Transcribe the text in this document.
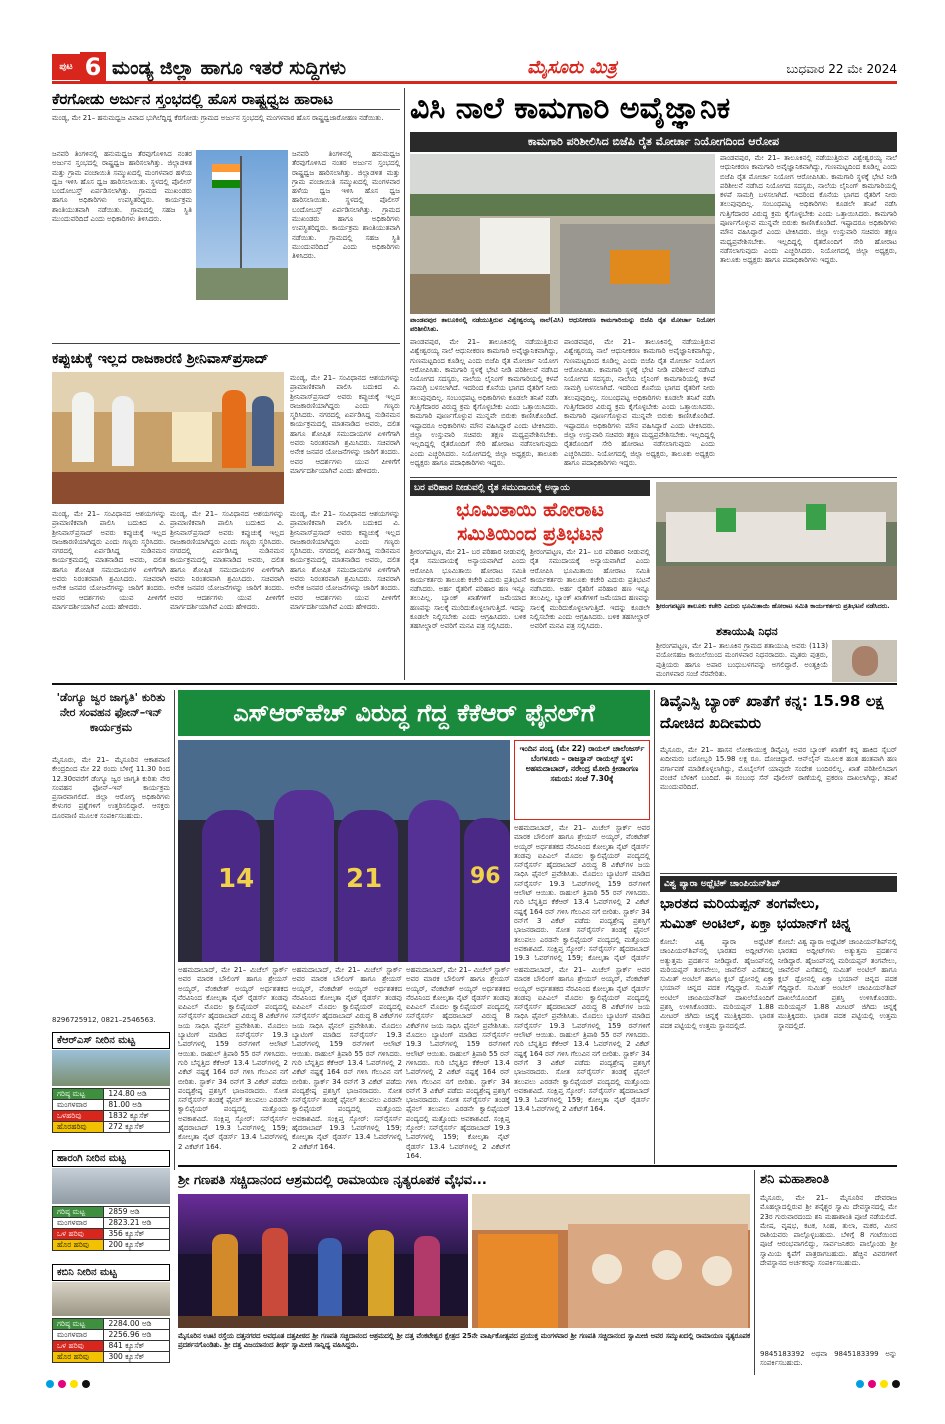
ಪುಟ 6 ಮಂಡ್ಯ ಜಿಲ್ಲಾ ಹಾಗೂ ಇತರೆ ಸುದ್ದಿಗಳು	ಮೈಸೂರು ಮಿತ್ರ	ಬುಧವಾರ 22 ಮೇ 2024
ಕೆರಗೋಡು ಅರ್ಜುನ ಸ್ತಂಭದಲ್ಲಿ ಹೊಸ ರಾಷ್ಟ್ರಧ್ವಜ ಹಾರಾಟ
ಮಂಡ್ಯ, ಮೇ 21– ಹನುಮಧ್ವಜ ವಿವಾದ ಭುಗಿಲೆದ್ದಿದ್ದ ಕೆರಗೋಡು ಗ್ರಾಮದ ಅರ್ಜುನ ಸ್ತಂಭದಲ್ಲಿ ಮಂಗಳವಾರ ಹೊಸ ರಾಷ್ಟ್ರಧ್ವಜಾರೋಹಣ ನಡೆಯಿತು.
ಜನವರಿ ತಿಂಗಳಿನಲ್ಲಿ ಹನುಮಧ್ವಜ ತೆರವುಗೊಳಿಸಿದ ನಂತರ ಅರ್ಜುನ ಸ್ತಂಭದಲ್ಲಿ ರಾಷ್ಟ್ರಧ್ವಜ ಹಾರಿಸಲಾಗಿತ್ತು. ಜಿಲ್ಲಾಡಳಿತ ಮತ್ತು ಗ್ರಾಮ ಪಂಚಾಯಿತಿ ಸಮ್ಮುಖದಲ್ಲಿ ಮಂಗಳವಾರ ಹಳೆಯ ಧ್ವಜ ಇಳಿಸಿ ಹೊಸ ಧ್ವಜ ಹಾರಿಸಲಾಯಿತು. ಸ್ಥಳದಲ್ಲಿ ಪೊಲೀಸ್ ಬಂದೋಬಸ್ತ್ ಏರ್ಪಡಿಸಲಾಗಿತ್ತು. ಗ್ರಾಮದ ಮುಖಂಡರು ಹಾಗೂ ಅಧಿಕಾರಿಗಳು ಉಪಸ್ಥಿತರಿದ್ದರು. ಕಾರ್ಯಕ್ರಮ ಶಾಂತಿಯುತವಾಗಿ ನಡೆಯಿತು. ಗ್ರಾಮದಲ್ಲಿ ಸಹಜ ಸ್ಥಿತಿ ಮುಂದುವರಿದಿದೆ ಎಂದು ಅಧಿಕಾರಿಗಳು ತಿಳಿಸಿದರು.
ಜನವರಿ ತಿಂಗಳಿನಲ್ಲಿ ಹನುಮಧ್ವಜ ತೆರವುಗೊಳಿಸಿದ ನಂತರ ಅರ್ಜುನ ಸ್ತಂಭದಲ್ಲಿ ರಾಷ್ಟ್ರಧ್ವಜ ಹಾರಿಸಲಾಗಿತ್ತು. ಜಿಲ್ಲಾಡಳಿತ ಮತ್ತು ಗ್ರಾಮ ಪಂಚಾಯಿತಿ ಸಮ್ಮುಖದಲ್ಲಿ ಮಂಗಳವಾರ ಹಳೆಯ ಧ್ವಜ ಇಳಿಸಿ ಹೊಸ ಧ್ವಜ ಹಾರಿಸಲಾಯಿತು. ಸ್ಥಳದಲ್ಲಿ ಪೊಲೀಸ್ ಬಂದೋಬಸ್ತ್ ಏರ್ಪಡಿಸಲಾಗಿತ್ತು. ಗ್ರಾಮದ ಮುಖಂಡರು ಹಾಗೂ ಅಧಿಕಾರಿಗಳು ಉಪಸ್ಥಿತರಿದ್ದರು. ಕಾರ್ಯಕ್ರಮ ಶಾಂತಿಯುತವಾಗಿ ನಡೆಯಿತು. ಗ್ರಾಮದಲ್ಲಿ ಸಹಜ ಸ್ಥಿತಿ ಮುಂದುವರಿದಿದೆ ಎಂದು ಅಧಿಕಾರಿಗಳು ತಿಳಿಸಿದರು.
ಕಪ್ಪುಚುಕ್ಕೆ ಇಲ್ಲದ ರಾಜಕಾರಣಿ ಶ್ರೀನಿವಾಸ್‌ಪ್ರಸಾದ್
ಮಂಡ್ಯ, ಮೇ 21– ಸಂವಿಧಾನದ ಆಶಯಗಳನ್ನು ಪ್ರಾಮಾಣಿಕವಾಗಿ ಪಾಲಿಸಿ ಬದುಕಿದ ವಿ. ಶ್ರೀನಿವಾಸ್‌ಪ್ರಸಾದ್ ಅವರು ಕಪ್ಪುಚುಕ್ಕೆ ಇಲ್ಲದ ರಾಜಕಾರಣಿಯಾಗಿದ್ದರು ಎಂದು ಗಣ್ಯರು ಸ್ಮರಿಸಿದರು. ನಗರದಲ್ಲಿ ಏರ್ಪಡಿಸಿದ್ದ ನುಡಿನಮನ ಕಾರ್ಯಕ್ರಮದಲ್ಲಿ ಮಾತನಾಡಿದ ಅವರು, ದಲಿತ ಹಾಗೂ ಶೋಷಿತ ಸಮುದಾಯಗಳ ಏಳಿಗೆಗಾಗಿ ಅವರು ನಿರಂತರವಾಗಿ ಶ್ರಮಿಸಿದರು. ಸಚಿವರಾಗಿ ಅನೇಕ ಜನಪರ ಯೋಜನೆಗಳನ್ನು ಜಾರಿಗೆ ತಂದರು. ಅವರ ಆದರ್ಶಗಳು ಯುವ ಪೀಳಿಗೆಗೆ ಮಾರ್ಗದರ್ಶಿಯಾಗಿವೆ ಎಂದು ಹೇಳಿದರು.
ಮಂಡ್ಯ, ಮೇ 21– ಸಂವಿಧಾನದ ಆಶಯಗಳನ್ನು ಪ್ರಾಮಾಣಿಕವಾಗಿ ಪಾಲಿಸಿ ಬದುಕಿದ ವಿ. ಶ್ರೀನಿವಾಸ್‌ಪ್ರಸಾದ್ ಅವರು ಕಪ್ಪುಚುಕ್ಕೆ ಇಲ್ಲದ ರಾಜಕಾರಣಿಯಾಗಿದ್ದರು ಎಂದು ಗಣ್ಯರು ಸ್ಮರಿಸಿದರು. ನಗರದಲ್ಲಿ ಏರ್ಪಡಿಸಿದ್ದ ನುಡಿನಮನ ಕಾರ್ಯಕ್ರಮದಲ್ಲಿ ಮಾತನಾಡಿದ ಅವರು, ದಲಿತ ಹಾಗೂ ಶೋಷಿತ ಸಮುದಾಯಗಳ ಏಳಿಗೆಗಾಗಿ ಅವರು ನಿರಂತರವಾಗಿ ಶ್ರಮಿಸಿದರು. ಸಚಿವರಾಗಿ ಅನೇಕ ಜನಪರ ಯೋಜನೆಗಳನ್ನು ಜಾರಿಗೆ ತಂದರು. ಅವರ ಆದರ್ಶಗಳು ಯುವ ಪೀಳಿಗೆಗೆ ಮಾರ್ಗದರ್ಶಿಯಾಗಿವೆ ಎಂದು ಹೇಳಿದರು.
ಮಂಡ್ಯ, ಮೇ 21– ಸಂವಿಧಾನದ ಆಶಯಗಳನ್ನು ಪ್ರಾಮಾಣಿಕವಾಗಿ ಪಾಲಿಸಿ ಬದುಕಿದ ವಿ. ಶ್ರೀನಿವಾಸ್‌ಪ್ರಸಾದ್ ಅವರು ಕಪ್ಪುಚುಕ್ಕೆ ಇಲ್ಲದ ರಾಜಕಾರಣಿಯಾಗಿದ್ದರು ಎಂದು ಗಣ್ಯರು ಸ್ಮರಿಸಿದರು. ನಗರದಲ್ಲಿ ಏರ್ಪಡಿಸಿದ್ದ ನುಡಿನಮನ ಕಾರ್ಯಕ್ರಮದಲ್ಲಿ ಮಾತನಾಡಿದ ಅವರು, ದಲಿತ ಹಾಗೂ ಶೋಷಿತ ಸಮುದಾಯಗಳ ಏಳಿಗೆಗಾಗಿ ಅವರು ನಿರಂತರವಾಗಿ ಶ್ರಮಿಸಿದರು. ಸಚಿವರಾಗಿ ಅನೇಕ ಜನಪರ ಯೋಜನೆಗಳನ್ನು ಜಾರಿಗೆ ತಂದರು. ಅವರ ಆದರ್ಶಗಳು ಯುವ ಪೀಳಿಗೆಗೆ ಮಾರ್ಗದರ್ಶಿಯಾಗಿವೆ ಎಂದು ಹೇಳಿದರು.
ಮಂಡ್ಯ, ಮೇ 21– ಸಂವಿಧಾನದ ಆಶಯಗಳನ್ನು ಪ್ರಾಮಾಣಿಕವಾಗಿ ಪಾಲಿಸಿ ಬದುಕಿದ ವಿ. ಶ್ರೀನಿವಾಸ್‌ಪ್ರಸಾದ್ ಅವರು ಕಪ್ಪುಚುಕ್ಕೆ ಇಲ್ಲದ ರಾಜಕಾರಣಿಯಾಗಿದ್ದರು ಎಂದು ಗಣ್ಯರು ಸ್ಮರಿಸಿದರು. ನಗರದಲ್ಲಿ ಏರ್ಪಡಿಸಿದ್ದ ನುಡಿನಮನ ಕಾರ್ಯಕ್ರಮದಲ್ಲಿ ಮಾತನಾಡಿದ ಅವರು, ದಲಿತ ಹಾಗೂ ಶೋಷಿತ ಸಮುದಾಯಗಳ ಏಳಿಗೆಗಾಗಿ ಅವರು ನಿರಂತರವಾಗಿ ಶ್ರಮಿಸಿದರು. ಸಚಿವರಾಗಿ ಅನೇಕ ಜನಪರ ಯೋಜನೆಗಳನ್ನು ಜಾರಿಗೆ ತಂದರು. ಅವರ ಆದರ್ಶಗಳು ಯುವ ಪೀಳಿಗೆಗೆ ಮಾರ್ಗದರ್ಶಿಯಾಗಿವೆ ಎಂದು ಹೇಳಿದರು.
ವಿಸಿ ನಾಲೆ ಕಾಮಗಾರಿ ಅವೈಜ್ಞಾನಿಕ
ಕಾಮಗಾರಿ ಪರಿಶೀಲಿಸಿದ ಬಿಜೆಪಿ ರೈತ ಮೋರ್ಚಾ ನಿಯೋಗದಿಂದ ಆರೋಪ
ಪಾಂಡವಪುರ ತಾಲೂಕಿನಲ್ಲಿ ನಡೆಯುತ್ತಿರುವ ವಿಶ್ವೇಶ್ವರಯ್ಯ ನಾಲೆ(ವಿಸಿ) ಆಧುನೀಕರಣ ಕಾಮಗಾರಿಯನ್ನು ಬಿಜೆಪಿ ರೈತ ಮೋರ್ಚಾ ನಿಯೋಗ ಪರಿಶೀಲಿಸಿತು.
ಪಾಂಡವಪುರ, ಮೇ 21– ತಾಲೂಕಿನಲ್ಲಿ ನಡೆಯುತ್ತಿರುವ ವಿಶ್ವೇಶ್ವರಯ್ಯ ನಾಲೆ ಆಧುನೀಕರಣ ಕಾಮಗಾರಿ ಅವೈಜ್ಞಾನಿಕವಾಗಿದ್ದು, ಗುಣಮಟ್ಟದಿಂದ ಕೂಡಿಲ್ಲ ಎಂದು ಬಿಜೆಪಿ ರೈತ ಮೋರ್ಚಾ ನಿಯೋಗ ಆರೋಪಿಸಿತು. ಕಾಮಗಾರಿ ಸ್ಥಳಕ್ಕೆ ಭೇಟಿ ನೀಡಿ ಪರಿಶೀಲನೆ ನಡೆಸಿದ ನಿಯೋಗದ ಸದಸ್ಯರು, ನಾಲೆಯ ಲೈನಿಂಗ್ ಕಾಮಗಾರಿಯಲ್ಲಿ ಕಳಪೆ ಸಾಮಗ್ರಿ ಬಳಸಲಾಗಿದೆ. ಇದರಿಂದ ಕೊನೆಯ ಭಾಗದ ರೈತರಿಗೆ ನೀರು ತಲುಪುವುದಿಲ್ಲ. ಸಂಬಂಧಪಟ್ಟ ಅಧಿಕಾರಿಗಳು ಕೂಡಲೇ ತನಿಖೆ ನಡೆಸಿ ಗುತ್ತಿಗೆದಾರರ ವಿರುದ್ಧ ಕ್ರಮ ಕೈಗೊಳ್ಳಬೇಕು ಎಂದು ಒತ್ತಾಯಿಸಿದರು. ಕಾಮಗಾರಿ ಪೂರ್ಣಗೊಳ್ಳುವ ಮುನ್ನವೇ ಬಿರುಕು ಕಾಣಿಸಿಕೊಂಡಿದೆ. ಇಷ್ಟಾದರೂ ಅಧಿಕಾರಿಗಳು ಮೌನ ವಹಿಸಿದ್ದಾರೆ ಎಂದು ಟೀಕಿಸಿದರು. ಜಿಲ್ಲಾ ಉಸ್ತುವಾರಿ ಸಚಿವರು ತಕ್ಷಣ ಮಧ್ಯಪ್ರವೇಶಿಸಬೇಕು. ಇಲ್ಲದಿದ್ದಲ್ಲಿ ರೈತರೊಂದಿಗೆ ಸೇರಿ ಹೋರಾಟ ನಡೆಸಲಾಗುವುದು ಎಂದು ಎಚ್ಚರಿಸಿದರು. ನಿಯೋಗದಲ್ಲಿ ಜಿಲ್ಲಾ ಅಧ್ಯಕ್ಷರು, ತಾಲೂಕು ಅಧ್ಯಕ್ಷರು ಹಾಗೂ ಪದಾಧಿಕಾರಿಗಳು ಇದ್ದರು.
ಪಾಂಡವಪುರ, ಮೇ 21– ತಾಲೂಕಿನಲ್ಲಿ ನಡೆಯುತ್ತಿರುವ ವಿಶ್ವೇಶ್ವರಯ್ಯ ನಾಲೆ ಆಧುನೀಕರಣ ಕಾಮಗಾರಿ ಅವೈಜ್ಞಾನಿಕವಾಗಿದ್ದು, ಗುಣಮಟ್ಟದಿಂದ ಕೂಡಿಲ್ಲ ಎಂದು ಬಿಜೆಪಿ ರೈತ ಮೋರ್ಚಾ ನಿಯೋಗ ಆರೋಪಿಸಿತು. ಕಾಮಗಾರಿ ಸ್ಥಳಕ್ಕೆ ಭೇಟಿ ನೀಡಿ ಪರಿಶೀಲನೆ ನಡೆಸಿದ ನಿಯೋಗದ ಸದಸ್ಯರು, ನಾಲೆಯ ಲೈನಿಂಗ್ ಕಾಮಗಾರಿಯಲ್ಲಿ ಕಳಪೆ ಸಾಮಗ್ರಿ ಬಳಸಲಾಗಿದೆ. ಇದರಿಂದ ಕೊನೆಯ ಭಾಗದ ರೈತರಿಗೆ ನೀರು ತಲುಪುವುದಿಲ್ಲ. ಸಂಬಂಧಪಟ್ಟ ಅಧಿಕಾರಿಗಳು ಕೂಡಲೇ ತನಿಖೆ ನಡೆಸಿ ಗುತ್ತಿಗೆದಾರರ ವಿರುದ್ಧ ಕ್ರಮ ಕೈಗೊಳ್ಳಬೇಕು ಎಂದು ಒತ್ತಾಯಿಸಿದರು. ಕಾಮಗಾರಿ ಪೂರ್ಣಗೊಳ್ಳುವ ಮುನ್ನವೇ ಬಿರುಕು ಕಾಣಿಸಿಕೊಂಡಿದೆ. ಇಷ್ಟಾದರೂ ಅಧಿಕಾರಿಗಳು ಮೌನ ವಹಿಸಿದ್ದಾರೆ ಎಂದು ಟೀಕಿಸಿದರು. ಜಿಲ್ಲಾ ಉಸ್ತುವಾರಿ ಸಚಿವರು ತಕ್ಷಣ ಮಧ್ಯಪ್ರವೇಶಿಸಬೇಕು. ಇಲ್ಲದಿದ್ದಲ್ಲಿ ರೈತರೊಂದಿಗೆ ಸೇರಿ ಹೋರಾಟ ನಡೆಸಲಾಗುವುದು ಎಂದು ಎಚ್ಚರಿಸಿದರು. ನಿಯೋಗದಲ್ಲಿ ಜಿಲ್ಲಾ ಅಧ್ಯಕ್ಷರು, ತಾಲೂಕು ಅಧ್ಯಕ್ಷರು ಹಾಗೂ ಪದಾಧಿಕಾರಿಗಳು ಇದ್ದರು.
ಪಾಂಡವಪುರ, ಮೇ 21– ತಾಲೂಕಿನಲ್ಲಿ ನಡೆಯುತ್ತಿರುವ ವಿಶ್ವೇಶ್ವರಯ್ಯ ನಾಲೆ ಆಧುನೀಕರಣ ಕಾಮಗಾರಿ ಅವೈಜ್ಞಾನಿಕವಾಗಿದ್ದು, ಗುಣಮಟ್ಟದಿಂದ ಕೂಡಿಲ್ಲ ಎಂದು ಬಿಜೆಪಿ ರೈತ ಮೋರ್ಚಾ ನಿಯೋಗ ಆರೋಪಿಸಿತು. ಕಾಮಗಾರಿ ಸ್ಥಳಕ್ಕೆ ಭೇಟಿ ನೀಡಿ ಪರಿಶೀಲನೆ ನಡೆಸಿದ ನಿಯೋಗದ ಸದಸ್ಯರು, ನಾಲೆಯ ಲೈನಿಂಗ್ ಕಾಮಗಾರಿಯಲ್ಲಿ ಕಳಪೆ ಸಾಮಗ್ರಿ ಬಳಸಲಾಗಿದೆ. ಇದರಿಂದ ಕೊನೆಯ ಭಾಗದ ರೈತರಿಗೆ ನೀರು ತಲುಪುವುದಿಲ್ಲ. ಸಂಬಂಧಪಟ್ಟ ಅಧಿಕಾರಿಗಳು ಕೂಡಲೇ ತನಿಖೆ ನಡೆಸಿ ಗುತ್ತಿಗೆದಾರರ ವಿರುದ್ಧ ಕ್ರಮ ಕೈಗೊಳ್ಳಬೇಕು ಎಂದು ಒತ್ತಾಯಿಸಿದರು. ಕಾಮಗಾರಿ ಪೂರ್ಣಗೊಳ್ಳುವ ಮುನ್ನವೇ ಬಿರುಕು ಕಾಣಿಸಿಕೊಂಡಿದೆ. ಇಷ್ಟಾದರೂ ಅಧಿಕಾರಿಗಳು ಮೌನ ವಹಿಸಿದ್ದಾರೆ ಎಂದು ಟೀಕಿಸಿದರು. ಜಿಲ್ಲಾ ಉಸ್ತುವಾರಿ ಸಚಿವರು ತಕ್ಷಣ ಮಧ್ಯಪ್ರವೇಶಿಸಬೇಕು. ಇಲ್ಲದಿದ್ದಲ್ಲಿ ರೈತರೊಂದಿಗೆ ಸೇರಿ ಹೋರಾಟ ನಡೆಸಲಾಗುವುದು ಎಂದು ಎಚ್ಚರಿಸಿದರು. ನಿಯೋಗದಲ್ಲಿ ಜಿಲ್ಲಾ ಅಧ್ಯಕ್ಷರು, ತಾಲೂಕು ಅಧ್ಯಕ್ಷರು ಹಾಗೂ ಪದಾಧಿಕಾರಿಗಳು ಇದ್ದರು.
ಬರ ಪರಿಹಾರ ನೀಡುವಲ್ಲಿ ರೈತ ಸಮುದಾಯಕ್ಕೆ ಅನ್ಯಾಯ
ಭೂಮಿತಾಯಿ ಹೋರಾಟ
ಸಮಿತಿಯಿಂದ ಪ್ರತಿಭಟನೆ
ಶ್ರೀರಂಗಪಟ್ಟಣ, ಮೇ 21– ಬರ ಪರಿಹಾರ ನೀಡುವಲ್ಲಿ ರೈತ ಸಮುದಾಯಕ್ಕೆ ಅನ್ಯಾಯವಾಗಿದೆ ಎಂದು ಆರೋಪಿಸಿ ಭೂಮಿತಾಯಿ ಹೋರಾಟ ಸಮಿತಿ ಕಾರ್ಯಕರ್ತರು ತಾಲೂಕು ಕಚೇರಿ ಎದುರು ಪ್ರತಿಭಟನೆ ನಡೆಸಿದರು. ಅರ್ಹ ರೈತರಿಗೆ ಪರಿಹಾರ ಹಣ ಇನ್ನೂ ತಲುಪಿಲ್ಲ. ಬ್ಯಾಂಕ್ ಖಾತೆಗಳಿಗೆ ಜಮೆಯಾದ ಹಣವನ್ನು ಸಾಲಕ್ಕೆ ಮುರಿದುಕೊಳ್ಳಲಾಗುತ್ತಿದೆ. ಇದನ್ನು ಕೂಡಲೇ ನಿಲ್ಲಿಸಬೇಕು ಎಂದು ಆಗ್ರಹಿಸಿದರು. ಬಳಿಕ ತಹಸೀಲ್ದಾರ್ ಅವರಿಗೆ ಮನವಿ ಪತ್ರ ಸಲ್ಲಿಸಿದರು.
ಶ್ರೀರಂಗಪಟ್ಟಣ, ಮೇ 21– ಬರ ಪರಿಹಾರ ನೀಡುವಲ್ಲಿ ರೈತ ಸಮುದಾಯಕ್ಕೆ ಅನ್ಯಾಯವಾಗಿದೆ ಎಂದು ಆರೋಪಿಸಿ ಭೂಮಿತಾಯಿ ಹೋರಾಟ ಸಮಿತಿ ಕಾರ್ಯಕರ್ತರು ತಾಲೂಕು ಕಚೇರಿ ಎದುರು ಪ್ರತಿಭಟನೆ ನಡೆಸಿದರು. ಅರ್ಹ ರೈತರಿಗೆ ಪರಿಹಾರ ಹಣ ಇನ್ನೂ ತಲುಪಿಲ್ಲ. ಬ್ಯಾಂಕ್ ಖಾತೆಗಳಿಗೆ ಜಮೆಯಾದ ಹಣವನ್ನು ಸಾಲಕ್ಕೆ ಮುರಿದುಕೊಳ್ಳಲಾಗುತ್ತಿದೆ. ಇದನ್ನು ಕೂಡಲೇ ನಿಲ್ಲಿಸಬೇಕು ಎಂದು ಆಗ್ರಹಿಸಿದರು. ಬಳಿಕ ತಹಸೀಲ್ದಾರ್ ಅವರಿಗೆ ಮನವಿ ಪತ್ರ ಸಲ್ಲಿಸಿದರು.
ಶ್ರೀರಂಗಪಟ್ಟಣ ತಾಲೂಕು ಕಚೇರಿ ಎದುರು ಭೂಮಿತಾಯಿ ಹೋರಾಟ ಸಮಿತಿ ಕಾರ್ಯಕರ್ತರು ಪ್ರತಿಭಟನೆ ನಡೆಸಿದರು.
ಶತಾಯುಷಿ ನಿಧನ
ಶ್ರೀರಂಗಪಟ್ಟಣ, ಮೇ 21– ತಾಲೂಕಿನ ಗ್ರಾಮದ ಶತಾಯುಷಿ ಅವರು (113) ವಯೋಸಹಜ ಕಾಯಿಲೆಯಿಂದ ಮಂಗಳವಾರ ನಿಧನರಾದರು. ಮೃತರು ಪುತ್ರರು, ಪುತ್ರಿಯರು ಹಾಗೂ ಅಪಾರ ಬಂಧುಬಳಗವನ್ನು ಅಗಲಿದ್ದಾರೆ. ಅಂತ್ಯಕ್ರಿಯೆ ಮಂಗಳವಾರ ಸಂಜೆ ನೆರವೇರಿತು.
'ಡೆಂಗ್ಯೂ ಜ್ವರ ಜಾಗೃತಿ' ಕುರಿತು ನೇರ ಸಂವಹನ ಫೋನ್–ಇನ್ ಕಾರ್ಯಕ್ರಮ
ಮೈಸೂರು, ಮೇ 21– ಮೈಸೂರಿನ ಆಕಾಶವಾಣಿ ಕೇಂದ್ರದಿಂದ ಮೇ 22 ರಂದು ಬೆಳಿಗ್ಗೆ 11.30 ರಿಂದ 12.30ರವರೆಗೆ ಡೆಂಗ್ಯೂ ಜ್ವರ ಜಾಗೃತಿ ಕುರಿತು ನೇರ ಸಂವಹನ ಫೋನ್–ಇನ್ ಕಾರ್ಯಕ್ರಮ ಪ್ರಸಾರವಾಗಲಿದೆ. ಜಿಲ್ಲಾ ಆರೋಗ್ಯ ಅಧಿಕಾರಿಗಳು ಕೇಳುಗರ ಪ್ರಶ್ನೆಗಳಿಗೆ ಉತ್ತರಿಸಲಿದ್ದಾರೆ. ಆಸಕ್ತರು ದೂರವಾಣಿ ಮೂಲಕ ಸಂಪರ್ಕಿಸಬಹುದು.
8296725912, 0821–2546563.
ಕೆಆರ್‌ಎಸ್ ನೀರಿನ ಮಟ್ಟ
ಗರಿಷ್ಠ ಮಟ್ಟ	124.80 ಅಡಿ
ಮಂಗಳವಾರ	81.00 ಅಡಿ
ಒಳಹರಿವು	1832 ಕ್ಯೂಸೆಕ್
ಹೊರಹರಿವು	272 ಕ್ಯೂಸೆಕ್
ಹಾರಂಗಿ ನೀರಿನ ಮಟ್ಟ
ಗರಿಷ್ಠ ಮಟ್ಟ	2859 ಅಡಿ
ಮಂಗಳವಾರ	2823.21 ಅಡಿ
ಒಳ ಹರಿವು	356 ಕ್ಯೂಸೆಕ್
ಹೊರ ಹರಿವು	200 ಕ್ಯೂಸೆಕ್
ಕಬಿನಿ ನೀರಿನ ಮಟ್ಟ
ಗರಿಷ್ಠ ಮಟ್ಟ	2284.00 ಅಡಿ
ಮಂಗಳವಾರ	2256.96 ಅಡಿ
ಒಳ ಹರಿವು	841 ಕ್ಯೂಸೆಕ್
ಹೊರ ಹರಿವು	300 ಕ್ಯೂಸೆಕ್
ಎಸ್‌ಆರ್‌ಹೆಚ್ ವಿರುದ್ಧ ಗೆದ್ದ ಕೆಕೆಆರ್ ಫೈನಲ್‌ಗೆ
14	21	96
ಇಂದಿನ ಪಂದ್ಯ (ಮೇ 22) ರಾಯಲ್ ಚಾಲೆಂಜರ್ಸ್ ಬೆಂಗಳೂರು – ರಾಜಸ್ಥಾನ್ ರಾಯಲ್ಸ್ ಸ್ಥಳ: ಅಹಮದಾಬಾದ್, ನರೇಂದ್ರ ಮೋದಿ ಕ್ರೀಡಾಂಗಣ ಸಮಯ: ಸಂಜೆ 7.30ಕ್ಕೆ
ಅಹಮದಾಬಾದ್, ಮೇ 21– ಮಿಚೆಲ್ ಸ್ಟಾರ್ಕ್ ಅವರ ಮಾರಕ ಬೌಲಿಂಗ್ ಹಾಗೂ ಶ್ರೇಯಸ್ ಅಯ್ಯರ್, ವೆಂಕಟೇಶ್ ಅಯ್ಯರ್ ಅರ್ಧಶತಕದ ನೆರವಿನಿಂದ ಕೋಲ್ಕತಾ ನೈಟ್ ರೈಡರ್ಸ್ ತಂಡವು ಐಪಿಎಲ್ ಮೊದಲ ಕ್ವಾಲಿಫೈಯರ್ ಪಂದ್ಯದಲ್ಲಿ ಸನ್‌ರೈಸರ್ಸ್ ಹೈದರಾಬಾದ್ ವಿರುದ್ಧ 8 ವಿಕೆಟ್‌ಗಳ ಜಯ ಸಾಧಿಸಿ ಫೈನಲ್ ಪ್ರವೇಶಿಸಿತು. ಮೊದಲು ಬ್ಯಾಟಿಂಗ್ ಮಾಡಿದ ಸನ್‌ರೈಸರ್ಸ್ 19.3 ಓವರ್‌ಗಳಲ್ಲಿ 159 ರನ್‌ಗಳಿಗೆ ಆಲೌಟ್ ಆಯಿತು. ರಾಹುಲ್ ತ್ರಿಪಾಠಿ 55 ರನ್ ಗಳಿಸಿದರು. ಗುರಿ ಬೆನ್ನತ್ತಿದ ಕೆಕೆಆರ್ 13.4 ಓವರ್‌ಗಳಲ್ಲಿ 2 ವಿಕೆಟ್ ನಷ್ಟಕ್ಕೆ 164 ರನ್ ಗಳಿಸಿ ಗೆಲುವಿನ ನಗೆ ಬೀರಿತು. ಸ್ಟಾರ್ಕ್ 34 ರನ್‌ಗೆ 3 ವಿಕೆಟ್ ಪಡೆದು ಪಂದ್ಯಶ್ರೇಷ್ಠ ಪ್ರಶಸ್ತಿಗೆ ಭಾಜನರಾದರು. ಸೋತ ಸನ್‌ರೈಸರ್ಸ್ ತಂಡಕ್ಕೆ ಫೈನಲ್ ತಲುಪಲು ಎರಡನೇ ಕ್ವಾಲಿಫೈಯರ್ ಪಂದ್ಯದಲ್ಲಿ ಮತ್ತೊಂದು ಅವಕಾಶವಿದೆ. ಸಂಕ್ಷಿಪ್ತ ಸ್ಕೋರ್: ಸನ್‌ರೈಸರ್ಸ್ ಹೈದರಾಬಾದ್ 19.3 ಓವರ್‌ಗಳಲ್ಲಿ 159; ಕೋಲ್ಕತಾ ನೈಟ್ ರೈಡರ್ಸ್
ಅಹಮದಾಬಾದ್, ಮೇ 21– ಮಿಚೆಲ್ ಸ್ಟಾರ್ಕ್ ಅವರ ಮಾರಕ ಬೌಲಿಂಗ್ ಹಾಗೂ ಶ್ರೇಯಸ್ ಅಯ್ಯರ್, ವೆಂಕಟೇಶ್ ಅಯ್ಯರ್ ಅರ್ಧಶತಕದ ನೆರವಿನಿಂದ ಕೋಲ್ಕತಾ ನೈಟ್ ರೈಡರ್ಸ್ ತಂಡವು ಐಪಿಎಲ್ ಮೊದಲ ಕ್ವಾಲಿಫೈಯರ್ ಪಂದ್ಯದಲ್ಲಿ ಸನ್‌ರೈಸರ್ಸ್ ಹೈದರಾಬಾದ್ ವಿರುದ್ಧ 8 ವಿಕೆಟ್‌ಗಳ ಜಯ ಸಾಧಿಸಿ ಫೈನಲ್ ಪ್ರವೇಶಿಸಿತು. ಮೊದಲು ಬ್ಯಾಟಿಂಗ್ ಮಾಡಿದ ಸನ್‌ರೈಸರ್ಸ್ 19.3 ಓವರ್‌ಗಳಲ್ಲಿ 159 ರನ್‌ಗಳಿಗೆ ಆಲೌಟ್ ಆಯಿತು. ರಾಹುಲ್ ತ್ರಿಪಾಠಿ 55 ರನ್ ಗಳಿಸಿದರು. ಗುರಿ ಬೆನ್ನತ್ತಿದ ಕೆಕೆಆರ್ 13.4 ಓವರ್‌ಗಳಲ್ಲಿ 2 ವಿಕೆಟ್ ನಷ್ಟಕ್ಕೆ 164 ರನ್ ಗಳಿಸಿ ಗೆಲುವಿನ ನಗೆ ಬೀರಿತು. ಸ್ಟಾರ್ಕ್ 34 ರನ್‌ಗೆ 3 ವಿಕೆಟ್ ಪಡೆದು ಪಂದ್ಯಶ್ರೇಷ್ಠ ಪ್ರಶಸ್ತಿಗೆ ಭಾಜನರಾದರು. ಸೋತ ಸನ್‌ರೈಸರ್ಸ್ ತಂಡಕ್ಕೆ ಫೈನಲ್ ತಲುಪಲು ಎರಡನೇ ಕ್ವಾಲಿಫೈಯರ್ ಪಂದ್ಯದಲ್ಲಿ ಮತ್ತೊಂದು ಅವಕಾಶವಿದೆ. ಸಂಕ್ಷಿಪ್ತ ಸ್ಕೋರ್: ಸನ್‌ರೈಸರ್ಸ್ ಹೈದರಾಬಾದ್ 19.3 ಓವರ್‌ಗಳಲ್ಲಿ 159; ಕೋಲ್ಕತಾ ನೈಟ್ ರೈಡರ್ಸ್ 13.4 ಓವರ್‌ಗಳಲ್ಲಿ 2 ವಿಕೆಟ್‌ಗೆ 164.
ಅಹಮದಾಬಾದ್, ಮೇ 21– ಮಿಚೆಲ್ ಸ್ಟಾರ್ಕ್ ಅವರ ಮಾರಕ ಬೌಲಿಂಗ್ ಹಾಗೂ ಶ್ರೇಯಸ್ ಅಯ್ಯರ್, ವೆಂಕಟೇಶ್ ಅಯ್ಯರ್ ಅರ್ಧಶತಕದ ನೆರವಿನಿಂದ ಕೋಲ್ಕತಾ ನೈಟ್ ರೈಡರ್ಸ್ ತಂಡವು ಐಪಿಎಲ್ ಮೊದಲ ಕ್ವಾಲಿಫೈಯರ್ ಪಂದ್ಯದಲ್ಲಿ ಸನ್‌ರೈಸರ್ಸ್ ಹೈದರಾಬಾದ್ ವಿರುದ್ಧ 8 ವಿಕೆಟ್‌ಗಳ ಜಯ ಸಾಧಿಸಿ ಫೈನಲ್ ಪ್ರವೇಶಿಸಿತು. ಮೊದಲು ಬ್ಯಾಟಿಂಗ್ ಮಾಡಿದ ಸನ್‌ರೈಸರ್ಸ್ 19.3 ಓವರ್‌ಗಳಲ್ಲಿ 159 ರನ್‌ಗಳಿಗೆ ಆಲೌಟ್ ಆಯಿತು. ರಾಹುಲ್ ತ್ರಿಪಾಠಿ 55 ರನ್ ಗಳಿಸಿದರು. ಗುರಿ ಬೆನ್ನತ್ತಿದ ಕೆಕೆಆರ್ 13.4 ಓವರ್‌ಗಳಲ್ಲಿ 2 ವಿಕೆಟ್ ನಷ್ಟಕ್ಕೆ 164 ರನ್ ಗಳಿಸಿ ಗೆಲುವಿನ ನಗೆ ಬೀರಿತು. ಸ್ಟಾರ್ಕ್ 34 ರನ್‌ಗೆ 3 ವಿಕೆಟ್ ಪಡೆದು ಪಂದ್ಯಶ್ರೇಷ್ಠ ಪ್ರಶಸ್ತಿಗೆ ಭಾಜನರಾದರು. ಸೋತ ಸನ್‌ರೈಸರ್ಸ್ ತಂಡಕ್ಕೆ ಫೈನಲ್ ತಲುಪಲು ಎರಡನೇ ಕ್ವಾಲಿಫೈಯರ್ ಪಂದ್ಯದಲ್ಲಿ ಮತ್ತೊಂದು ಅವಕಾಶವಿದೆ. ಸಂಕ್ಷಿಪ್ತ ಸ್ಕೋರ್: ಸನ್‌ರೈಸರ್ಸ್ ಹೈದರಾಬಾದ್ 19.3 ಓವರ್‌ಗಳಲ್ಲಿ 159; ಕೋಲ್ಕತಾ ನೈಟ್ ರೈಡರ್ಸ್ 13.4 ಓವರ್‌ಗಳಲ್ಲಿ 2 ವಿಕೆಟ್‌ಗೆ 164.
ಅಹಮದಾಬಾದ್, ಮೇ 21– ಮಿಚೆಲ್ ಸ್ಟಾರ್ಕ್ ಅವರ ಮಾರಕ ಬೌಲಿಂಗ್ ಹಾಗೂ ಶ್ರೇಯಸ್ ಅಯ್ಯರ್, ವೆಂಕಟೇಶ್ ಅಯ್ಯರ್ ಅರ್ಧಶತಕದ ನೆರವಿನಿಂದ ಕೋಲ್ಕತಾ ನೈಟ್ ರೈಡರ್ಸ್ ತಂಡವು ಐಪಿಎಲ್ ಮೊದಲ ಕ್ವಾಲಿಫೈಯರ್ ಪಂದ್ಯದಲ್ಲಿ ಸನ್‌ರೈಸರ್ಸ್ ಹೈದರಾಬಾದ್ ವಿರುದ್ಧ 8 ವಿಕೆಟ್‌ಗಳ ಜಯ ಸಾಧಿಸಿ ಫೈನಲ್ ಪ್ರವೇಶಿಸಿತು. ಮೊದಲು ಬ್ಯಾಟಿಂಗ್ ಮಾಡಿದ ಸನ್‌ರೈಸರ್ಸ್ 19.3 ಓವರ್‌ಗಳಲ್ಲಿ 159 ರನ್‌ಗಳಿಗೆ ಆಲೌಟ್ ಆಯಿತು. ರಾಹುಲ್ ತ್ರಿಪಾಠಿ 55 ರನ್ ಗಳಿಸಿದರು. ಗುರಿ ಬೆನ್ನತ್ತಿದ ಕೆಕೆಆರ್ 13.4 ಓವರ್‌ಗಳಲ್ಲಿ 2 ವಿಕೆಟ್ ನಷ್ಟಕ್ಕೆ 164 ರನ್ ಗಳಿಸಿ ಗೆಲುವಿನ ನಗೆ ಬೀರಿತು. ಸ್ಟಾರ್ಕ್ 34 ರನ್‌ಗೆ 3 ವಿಕೆಟ್ ಪಡೆದು ಪಂದ್ಯಶ್ರೇಷ್ಠ ಪ್ರಶಸ್ತಿಗೆ ಭಾಜನರಾದರು. ಸೋತ ಸನ್‌ರೈಸರ್ಸ್ ತಂಡಕ್ಕೆ ಫೈನಲ್ ತಲುಪಲು ಎರಡನೇ ಕ್ವಾಲಿಫೈಯರ್ ಪಂದ್ಯದಲ್ಲಿ ಮತ್ತೊಂದು ಅವಕಾಶವಿದೆ. ಸಂಕ್ಷಿಪ್ತ ಸ್ಕೋರ್: ಸನ್‌ರೈಸರ್ಸ್ ಹೈದರಾಬಾದ್ 19.3 ಓವರ್‌ಗಳಲ್ಲಿ 159; ಕೋಲ್ಕತಾ ನೈಟ್ ರೈಡರ್ಸ್ 13.4 ಓವರ್‌ಗಳಲ್ಲಿ 2 ವಿಕೆಟ್‌ಗೆ 164.
ಅಹಮದಾಬಾದ್, ಮೇ 21– ಮಿಚೆಲ್ ಸ್ಟಾರ್ಕ್ ಅವರ ಮಾರಕ ಬೌಲಿಂಗ್ ಹಾಗೂ ಶ್ರೇಯಸ್ ಅಯ್ಯರ್, ವೆಂಕಟೇಶ್ ಅಯ್ಯರ್ ಅರ್ಧಶತಕದ ನೆರವಿನಿಂದ ಕೋಲ್ಕತಾ ನೈಟ್ ರೈಡರ್ಸ್ ತಂಡವು ಐಪಿಎಲ್ ಮೊದಲ ಕ್ವಾಲಿಫೈಯರ್ ಪಂದ್ಯದಲ್ಲಿ ಸನ್‌ರೈಸರ್ಸ್ ಹೈದರಾಬಾದ್ ವಿರುದ್ಧ 8 ವಿಕೆಟ್‌ಗಳ ಜಯ ಸಾಧಿಸಿ ಫೈನಲ್ ಪ್ರವೇಶಿಸಿತು. ಮೊದಲು ಬ್ಯಾಟಿಂಗ್ ಮಾಡಿದ ಸನ್‌ರೈಸರ್ಸ್ 19.3 ಓವರ್‌ಗಳಲ್ಲಿ 159 ರನ್‌ಗಳಿಗೆ ಆಲೌಟ್ ಆಯಿತು. ರಾಹುಲ್ ತ್ರಿಪಾಠಿ 55 ರನ್ ಗಳಿಸಿದರು. ಗುರಿ ಬೆನ್ನತ್ತಿದ ಕೆಕೆಆರ್ 13.4 ಓವರ್‌ಗಳಲ್ಲಿ 2 ವಿಕೆಟ್ ನಷ್ಟಕ್ಕೆ 164 ರನ್ ಗಳಿಸಿ ಗೆಲುವಿನ ನಗೆ ಬೀರಿತು. ಸ್ಟಾರ್ಕ್ 34 ರನ್‌ಗೆ 3 ವಿಕೆಟ್ ಪಡೆದು ಪಂದ್ಯಶ್ರೇಷ್ಠ ಪ್ರಶಸ್ತಿಗೆ ಭಾಜನರಾದರು. ಸೋತ ಸನ್‌ರೈಸರ್ಸ್ ತಂಡಕ್ಕೆ ಫೈನಲ್ ತಲುಪಲು ಎರಡನೇ ಕ್ವಾಲಿಫೈಯರ್ ಪಂದ್ಯದಲ್ಲಿ ಮತ್ತೊಂದು ಅವಕಾಶವಿದೆ. ಸಂಕ್ಷಿಪ್ತ ಸ್ಕೋರ್: ಸನ್‌ರೈಸರ್ಸ್ ಹೈದರಾಬಾದ್ 19.3 ಓವರ್‌ಗಳಲ್ಲಿ 159; ಕೋಲ್ಕತಾ ನೈಟ್ ರೈಡರ್ಸ್ 13.4 ಓವರ್‌ಗಳಲ್ಲಿ 2 ವಿಕೆಟ್‌ಗೆ 164.
ಡಿವೈಎಸ್ಪಿ ಬ್ಯಾಂಕ್ ಖಾತೆಗೆ ಕನ್ನ: 15.98 ಲಕ್ಷ ದೋಚಿದ ಖದೀಮರು
ಮೈಸೂರು, ಮೇ 21– ಹಾಸನ ಲೋಕಾಯುಕ್ತ ಡಿವೈಎಸ್ಪಿ ಅವರ ಬ್ಯಾಂಕ್ ಖಾತೆಗೆ ಕನ್ನ ಹಾಕಿದ ಸೈಬರ್ ಖದೀಮರು ಬರೋಬ್ಬರಿ 15.98 ಲಕ್ಷ ರೂ. ದೋಚಿದ್ದಾರೆ. ಆನ್‌ಲೈನ್ ಮೂಲಕ ಹಂತ ಹಂತವಾಗಿ ಹಣ ವರ್ಗಾವಣೆ ಮಾಡಿಕೊಳ್ಳಲಾಗಿದ್ದು, ಮೊಬೈಲ್‌ಗೆ ಯಾವುದೇ ಸಂದೇಶ ಬಂದಿರಲಿಲ್ಲ. ಖಾತೆ ಪರಿಶೀಲಿಸಿದಾಗ ವಂಚನೆ ಬೆಳಕಿಗೆ ಬಂದಿದೆ. ಈ ಸಂಬಂಧ ಸೆನ್ ಪೊಲೀಸ್ ಠಾಣೆಯಲ್ಲಿ ಪ್ರಕರಣ ದಾಖಲಾಗಿದ್ದು, ತನಿಖೆ ಮುಂದುವರಿದಿದೆ.
ವಿಶ್ವ ಪ್ಯಾರಾ ಅಥ್ಲೆಟಿಕ್ ಚಾಂಪಿಯನ್‌ಶಿಪ್
ಭಾರತದ ಮರಿಯಪ್ಪನ್ ತಂಗವೇಲು,
ಸುಮಿತ್ ಅಂಟಿಲ್, ಏಕ್ತಾ ಭಯಾನ್‌ಗೆ ಚಿನ್ನ
ಕೋಬೆ: ವಿಶ್ವ ಪ್ಯಾರಾ ಅಥ್ಲೆಟಿಕ್ ಚಾಂಪಿಯನ್‌ಶಿಪ್‌ನಲ್ಲಿ ಭಾರತದ ಅಥ್ಲೀಟ್‌ಗಳು ಅತ್ಯುತ್ತಮ ಪ್ರದರ್ಶನ ನೀಡಿದ್ದಾರೆ. ಹೈಜಂಪ್‌ನಲ್ಲಿ ಮರಿಯಪ್ಪನ್ ತಂಗವೇಲು, ಜಾವೆಲಿನ್ ಎಸೆತದಲ್ಲಿ ಸುಮಿತ್ ಅಂಟಿಲ್ ಹಾಗೂ ಕ್ಲಬ್ ಥ್ರೋನಲ್ಲಿ ಏಕ್ತಾ ಭಯಾನ್ ಚಿನ್ನದ ಪದಕ ಗೆದ್ದಿದ್ದಾರೆ. ಸುಮಿತ್ ಅಂಟಿಲ್ ಚಾಂಪಿಯನ್‌ಶಿಪ್ ದಾಖಲೆಯೊಂದಿಗೆ ಪ್ರಶಸ್ತಿ ಉಳಿಸಿಕೊಂಡರು. ಮರಿಯಪ್ಪನ್ 1.88 ಮೀಟರ್ ಜಿಗಿದು ಚಿನ್ನಕ್ಕೆ ಮುತ್ತಿಕ್ಕಿದರು. ಭಾರತ ಪದಕ ಪಟ್ಟಿಯಲ್ಲಿ ಉತ್ತಮ ಸ್ಥಾನದಲ್ಲಿದೆ.
ಕೋಬೆ: ವಿಶ್ವ ಪ್ಯಾರಾ ಅಥ್ಲೆಟಿಕ್ ಚಾಂಪಿಯನ್‌ಶಿಪ್‌ನಲ್ಲಿ ಭಾರತದ ಅಥ್ಲೀಟ್‌ಗಳು ಅತ್ಯುತ್ತಮ ಪ್ರದರ್ಶನ ನೀಡಿದ್ದಾರೆ. ಹೈಜಂಪ್‌ನಲ್ಲಿ ಮರಿಯಪ್ಪನ್ ತಂಗವೇಲು, ಜಾವೆಲಿನ್ ಎಸೆತದಲ್ಲಿ ಸುಮಿತ್ ಅಂಟಿಲ್ ಹಾಗೂ ಕ್ಲಬ್ ಥ್ರೋನಲ್ಲಿ ಏಕ್ತಾ ಭಯಾನ್ ಚಿನ್ನದ ಪದಕ ಗೆದ್ದಿದ್ದಾರೆ. ಸುಮಿತ್ ಅಂಟಿಲ್ ಚಾಂಪಿಯನ್‌ಶಿಪ್ ದಾಖಲೆಯೊಂದಿಗೆ ಪ್ರಶಸ್ತಿ ಉಳಿಸಿಕೊಂಡರು. ಮರಿಯಪ್ಪನ್ 1.88 ಮೀಟರ್ ಜಿಗಿದು ಚಿನ್ನಕ್ಕೆ ಮುತ್ತಿಕ್ಕಿದರು. ಭಾರತ ಪದಕ ಪಟ್ಟಿಯಲ್ಲಿ ಉತ್ತಮ ಸ್ಥಾನದಲ್ಲಿದೆ.
ಶ್ರೀ ಗಣಪತಿ ಸಚ್ಚಿದಾನಂದ ಆಶ್ರಮದಲ್ಲಿ ರಾಮಾಯಣ ನೃತ್ಯರೂಪಕ ವೈಭವ...
ಮೈಸೂರಿನ ಊಟಿ ರಸ್ತೆಯ ದತ್ತನಗರದ ಅವಧೂತ ದತ್ತಪೀಠದ ಶ್ರೀ ಗಣಪತಿ ಸಚ್ಚಿದಾನಂದ ಆಶ್ರಮದಲ್ಲಿ ಶ್ರೀ ದತ್ತ ವೆಂಕಟೇಶ್ವರ ಕ್ಷೇತ್ರದ 25ನೇ ವಾರ್ಷಿಕೋತ್ಸವದ ಪ್ರಯುಕ್ತ ಮಂಗಳವಾರ ಶ್ರೀ ಗಣಪತಿ ಸಚ್ಚಿದಾನಂದ ಸ್ವಾಮೀಜಿ ಅವರ ಸಮ್ಮುಖದಲ್ಲಿ ರಾಮಾಯಣ ನೃತ್ಯರೂಪಕ ಪ್ರದರ್ಶನಗೊಂಡಿತು. ಶ್ರೀ ದತ್ತ ವಿಜಯಾನಂದ ತೀರ್ಥ ಸ್ವಾಮೀಜಿ ಸಾನ್ನಿಧ್ಯ ವಹಿಸಿದ್ದರು.
ಶನಿ ಮಹಾಶಾಂತಿ
ಮೈಸೂರು, ಮೇ 21– ಮೈಸೂರಿನ ದೇವರಾಜ ಮೊಹಲ್ಲಾದಲ್ಲಿರುವ ಶ್ರೀ ಶನೈಶ್ಚರ ಸ್ವಾಮಿ ದೇವಸ್ಥಾನದಲ್ಲಿ ಮೇ 23ರ ಗುರುವಾರದಂದು ಶನಿ ಮಹಾಶಾಂತಿ ಪೂಜೆ ನಡೆಯಲಿದೆ. ಮೇಷ, ವೃಷಭ, ಕಟಕ, ಸಿಂಹ, ತುಲಾ, ಮಕರ, ಮೀನ ರಾಶಿಯವರು ಪಾಲ್ಗೊಳ್ಳಬಹುದು. ಬೆಳಿಗ್ಗೆ 8 ಗಂಟೆಯಿಂದ ಪೂಜೆ ಆರಂಭವಾಗಲಿದ್ದು, ಸಾರ್ವಜನಿಕರು ಪಾಲ್ಗೊಂಡು ಶ್ರೀ ಸ್ವಾಮಿಯ ಕೃಪೆಗೆ ಪಾತ್ರರಾಗಬಹುದು. ಹೆಚ್ಚಿನ ವಿವರಗಳಿಗೆ ದೇವಸ್ಥಾನದ ಅರ್ಚಕರನ್ನು ಸಂಪರ್ಕಿಸಬಹುದು.
9845183392 ಅಥವಾ 9845183399 ಅನ್ನು ಸಂಪರ್ಕಿಸಬಹುದು.
